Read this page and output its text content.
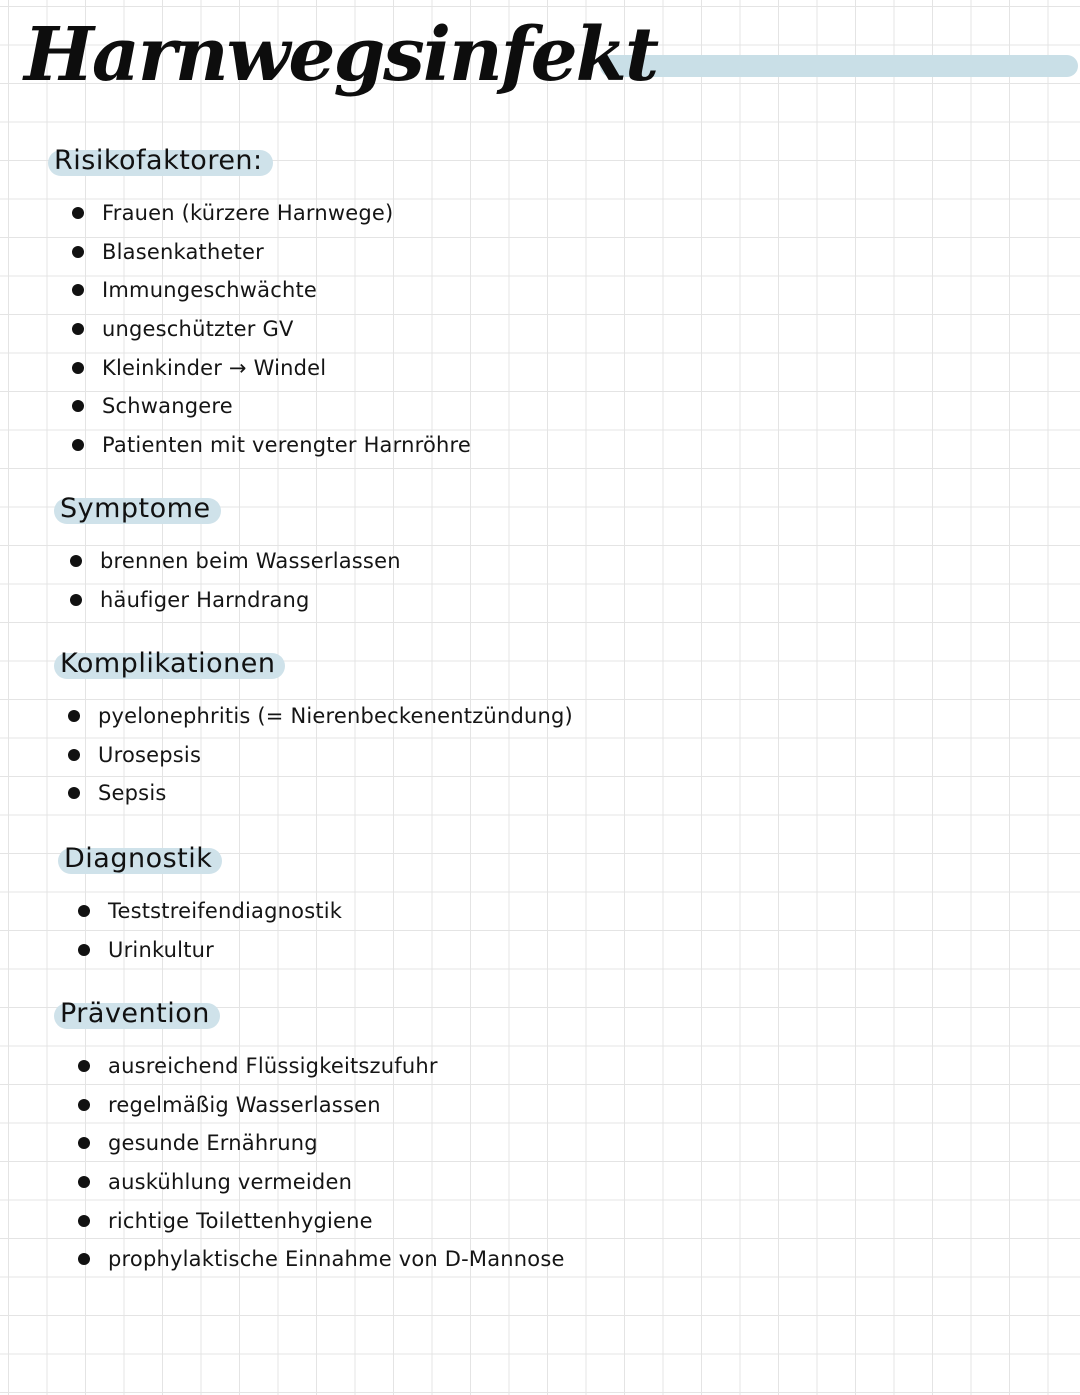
Harnwegsinfekt
Risikofaktoren:
Frauen (kürzere Harnwege)
Blasenkatheter
Immungeschwächte
ungeschützter GV
Kleinkinder → Windel
Schwangere
Patienten mit verengter Harnröhre
Symptome
brennen beim Wasserlassen
häufiger Harndrang
Komplikationen
pyelonephritis (= Nierenbeckenentzündung)
Urosepsis
Sepsis
Diagnostik
Teststreifendiagnostik
Urinkultur
Prävention
ausreichend Flüssigkeitszufuhr
regelmäßig Wasserlassen
gesunde Ernährung
auskühlung vermeiden
richtige Toilettenhygiene
prophylaktische Einnahme von D-Mannose
